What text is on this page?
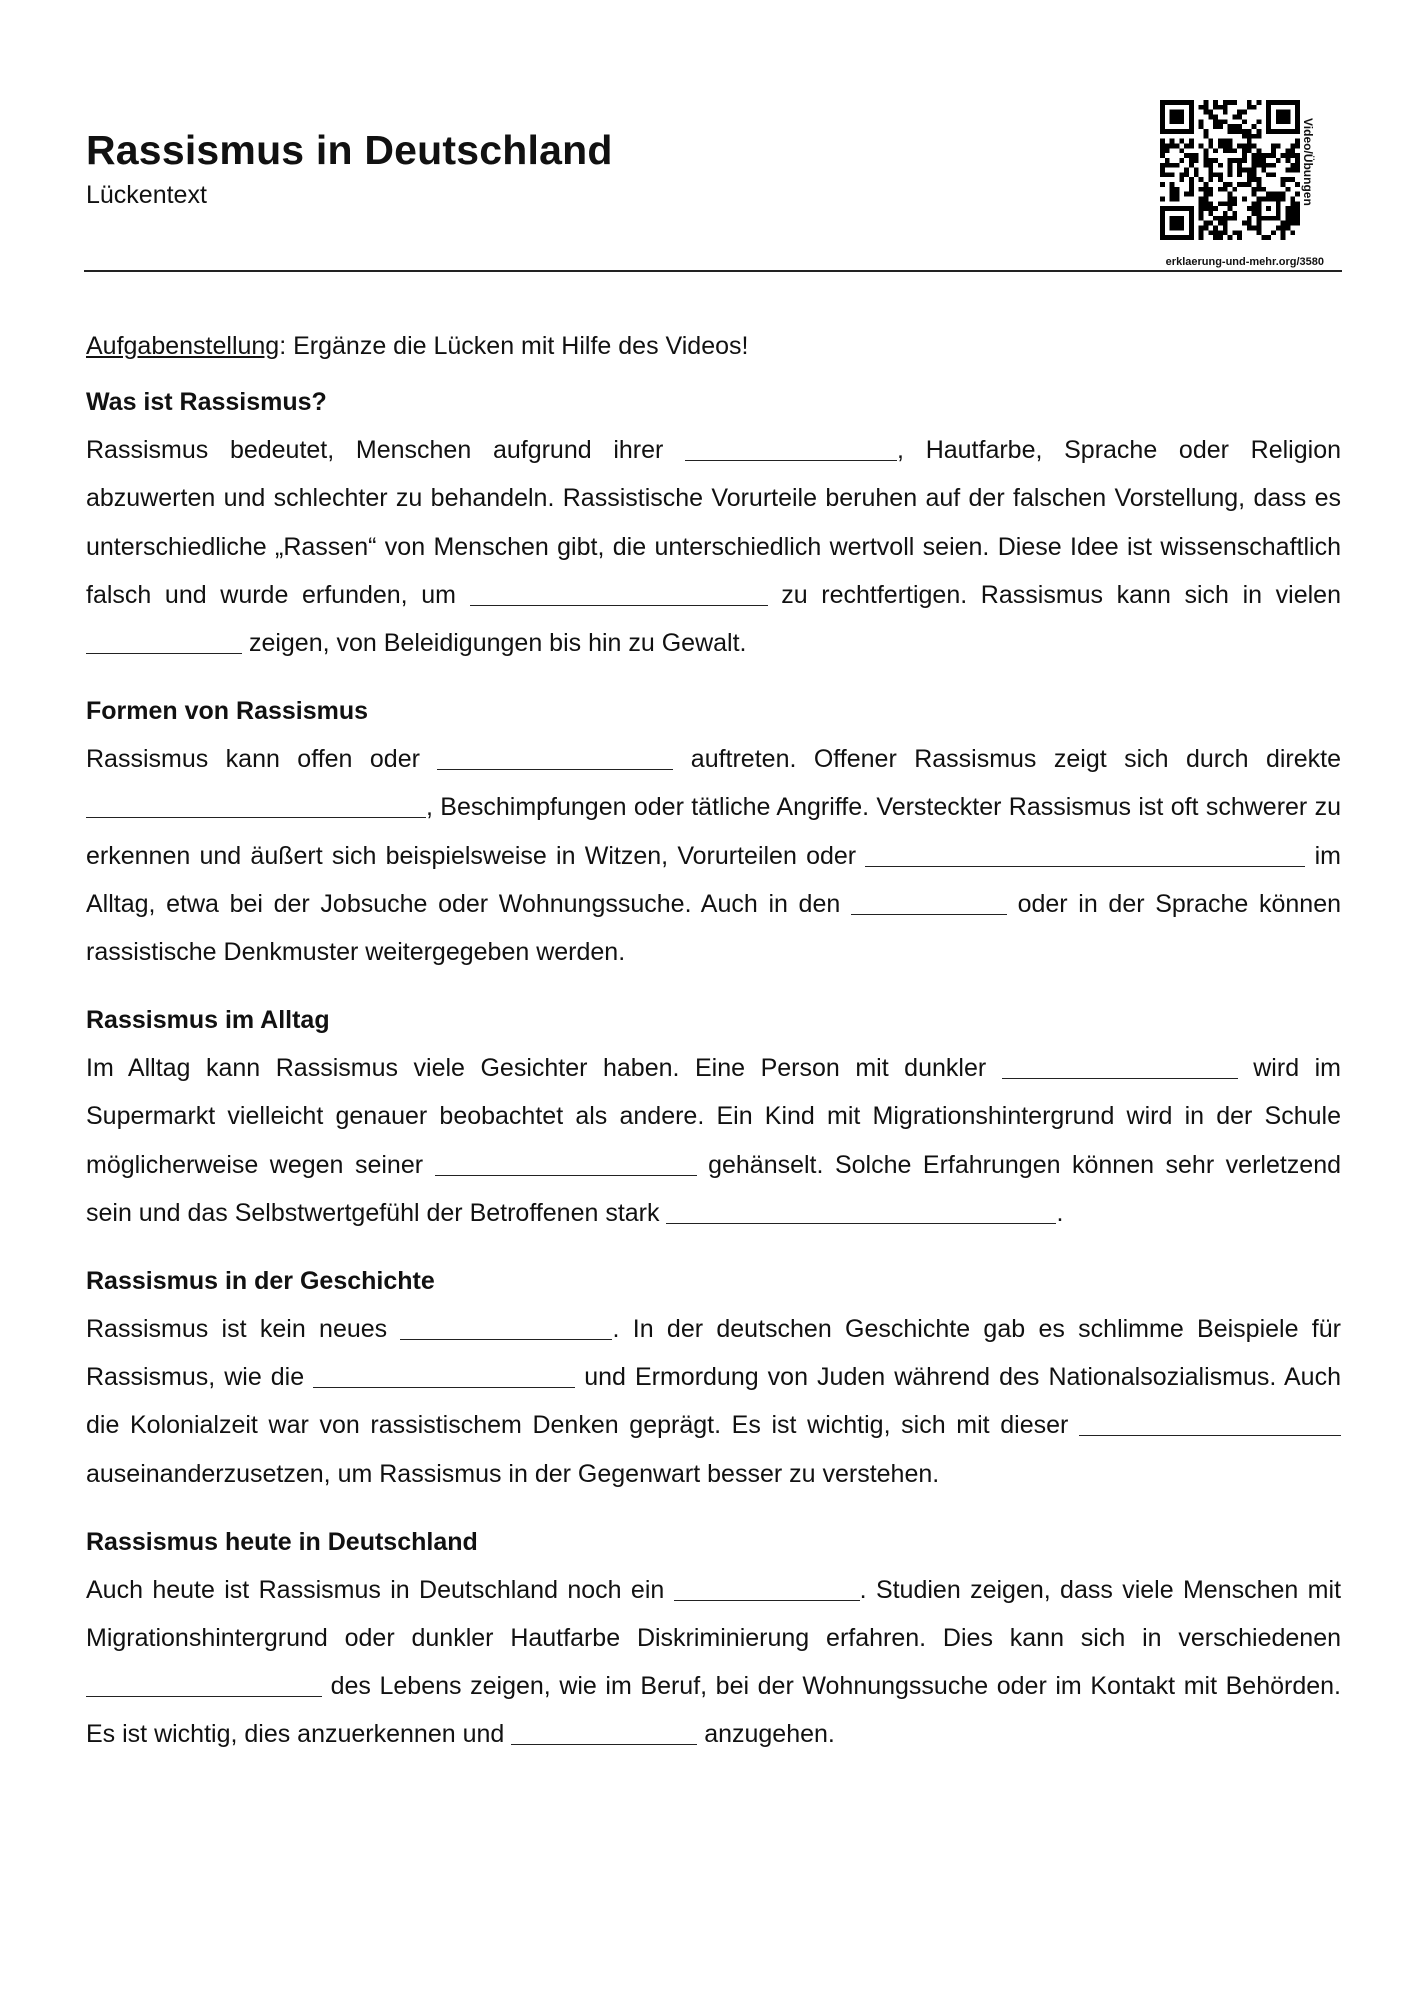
Rassismus in Deutschland
Lückentext	Video/Übungen
erklaerung-und-mehr.org/3580

Aufgabenstellung: Ergänze die Lücken mit Hilfe des Videos!

Was ist Rassismus?

Rassismus bedeutet, Menschen aufgrund ihrer	, Hautfarbe, Sprache oder Religion abzuwerten und schlechter zu behandeln. Rassistische Vorurteile beruhen auf der falschen Vorstellung, dass es unterschiedliche „Rassen“ von Menschen gibt, die unterschiedlich wertvoll seien. Diese Idee ist wissenschaftlich falsch und wurde erfunden, um	zu rechtfertigen. Rassismus kann sich in vielen  zeigen, von Beleidigungen bis hin zu Gewalt.

Formen von Rassismus

Rassismus kann offen oder	auftreten. Offener Rassismus zeigt sich durch direkte , Beschimpfungen oder tätliche Angriffe. Versteckter Rassismus ist oft schwerer zu erkennen und äußert sich beispielsweise in Witzen, Vorurteilen oder	im Alltag, etwa bei der Jobsuche oder Wohnungssuche. Auch in den	oder in der Sprache können rassistische Denkmuster weitergegeben werden.

Rassismus im Alltag

Im Alltag kann Rassismus viele Gesichter haben. Eine Person mit dunkler	wird im Supermarkt vielleicht genauer beobachtet als andere. Ein Kind mit Migrationshintergrund wird in der Schule möglicherweise wegen seiner	gehänselt. Solche Erfahrungen können sehr verletzend sein und das Selbstwertgefühl der Betroffenen stark	.

Rassismus in der Geschichte

Rassismus ist kein neues	. In der deutschen Geschichte gab es schlimme Beispiele für Rassismus, wie die	und Ermordung von Juden während des Nationalsozialismus. Auch die Kolonialzeit war von rassistischem Denken geprägt. Es ist wichtig, sich mit dieser  auseinanderzusetzen, um Rassismus in der Gegenwart besser zu verstehen.

Rassismus heute in Deutschland

Auch heute ist Rassismus in Deutschland noch ein	. Studien zeigen, dass viele Menschen mit Migrationshintergrund oder dunkler Hautfarbe Diskriminierung erfahren. Dies kann sich in verschiedenen  des Lebens zeigen, wie im Beruf, bei der Wohnungssuche oder im Kontakt mit Behörden. Es ist wichtig, dies anzuerkennen und	anzugehen.
